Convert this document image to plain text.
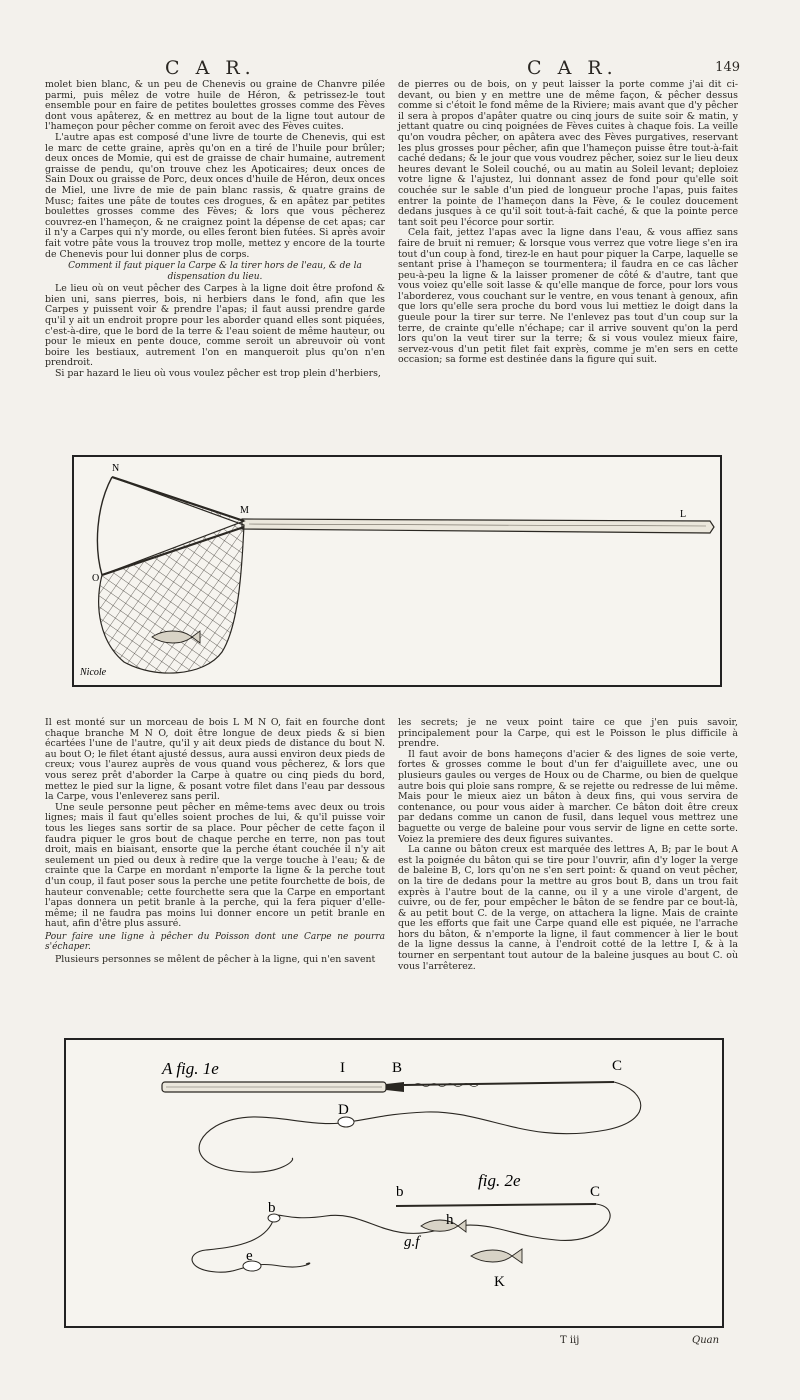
C A R.	C A R.	149

molet bien blanc, & un peu de Chenevis ou graine de Chanvre pilée parmi, puis mêlez de votre huile de Héron, & petrissez-le tout ensemble pour en faire de petites boulettes grosses comme des Fèves dont vous apâterez, & en mettrez au bout de la ligne tout autour de l'hameçon pour pêcher comme on feroit avec des Fèves cuites.

L'autre apas est composé d'une livre de tourte de Chenevis, qui est le marc de cette graine, après qu'on en a tiré de l'huile pour brûler; deux onces de Momie, qui est de graisse de chair humaine, autrement graisse de pendu, qu'on trouve chez les Apoticaires; deux onces de Sain Doux ou graisse de Porc, deux onces d'huile de Héron, deux onces de Miel, une livre de mie de pain blanc rassis, & quatre grains de Musc; faites une pâte de toutes ces drogues, & en apâtez par petites boulettes grosses comme des Fèves; & lors que vous pêcherez couvrez-en l'hameçon, & ne craignez point la dépense de cet apas; car il n'y a Carpes qui n'y morde, ou elles feront bien futées. Si après avoir fait votre pâte vous la trouvez trop molle, mettez y encore de la tourte de Chenevis pour lui donner plus de corps.

Comment il faut piquer la Carpe & la tirer hors de l'eau, & de la dispensation du lieu.

Le lieu où on veut pêcher des Carpes à la ligne doit être profond & bien uni, sans pierres, bois, ni herbiers dans le fond, afin que les Carpes y puissent voir & prendre l'apas; il faut aussi prendre garde qu'il y ait un endroit propre pour les aborder quand elles sont piquées, c'est-à-dire, que le bord de la terre & l'eau soient de même hauteur, ou pour le mieux en pente douce, comme seroit un abreuvoir où vont boire les bestiaux, autrement l'on en manqueroit plus qu'on n'en prendroit.

Si par hazard le lieu où vous voulez pêcher est trop plein d'herbiers,

de pierres ou de bois, on y peut laisser la porte comme j'ai dit ci-devant, ou bien y en mettre une de même façon, & pêcher dessus comme si c'étoit le fond même de la Riviere; mais avant que d'y pêcher il sera à propos d'apâter quatre ou cinq jours de suite soir & matin, y jettant quatre ou cinq poignées de Fèves cuites à chaque fois. La veille qu'on voudra pêcher, on apâtera avec des Fèves purgatives, reservant les plus grosses pour pêcher, afin que l'hameçon puisse être tout-à-fait caché dedans; & le jour que vous voudrez pêcher, soiez sur le lieu deux heures devant le Soleil couché, ou au matin au Soleil levant; deploiez votre ligne & l'ajustez, lui donnant assez de fond pour qu'elle soit couchée sur le sable d'un pied de longueur proche l'apas, puis faites entrer la pointe de l'hameçon dans la Fève, & le coulez doucement dedans jusques à ce qu'il soit tout-à-fait caché, & que la pointe perce tant soit peu l'écorce pour sortir.

Cela fait, jettez l'apas avec la ligne dans l'eau, & vous affiez sans faire de bruit ni remuer; & lorsque vous verrez que votre liege s'en ira tout d'un coup à fond, tirez-le en haut pour piquer la Carpe, laquelle se sentant prise à l'hameçon se tourmentera; il faudra en ce cas lâcher peu-à-peu la ligne & la laisser promener de côté & d'autre, tant que vous voiez qu'elle soit lasse & qu'elle manque de force, pour lors vous l'aborderez, vous couchant sur le ventre, en vous tenant à genoux, afin que lors qu'elle sera proche du bord vous lui mettiez le doigt dans la gueule pour la tirer sur terre. Ne l'enlevez pas tout d'un coup sur la terre, de crainte qu'elle n'échape; car il arrive souvent qu'on la perd lors qu'on la veut tirer sur la terre; & si vous voulez mieux faire, servez-vous d'un petit filet fait exprès, comme je m'en sers en cette occasion; sa forme est destinée dans la figure qui suit.

N
M	L
O
Nicole

Il est monté sur un morceau de bois L M N O, fait en fourche dont chaque branche M N O, doit être longue de deux pieds & si bien écartées l'une de l'autre, qu'il y ait deux pieds de distance du bout N. au bout O; le filet étant ajusté dessus, aura aussi environ deux pieds de creux; vous l'aurez auprès de vous quand vous pêcherez, & lors que vous serez prêt d'aborder la Carpe à quatre ou cinq pieds du bord, mettez le pied sur la ligne, & posant votre filet dans l'eau par dessous la Carpe, vous l'enleverez sans peril.

Une seule personne peut pêcher en même-tems avec deux ou trois lignes; mais il faut qu'elles soient proches de lui, & qu'il puisse voir tous les lieges sans sortir de sa place. Pour pêcher de cette façon il faudra piquer le gros bout de chaque perche en terre, non pas tout droit, mais en biaisant, ensorte que la perche étant couchée il n'y ait seulement un pied ou deux à redire que la verge touche à l'eau; & de crainte que la Carpe en mordant n'emporte la ligne & la perche tout d'un coup, il faut poser sous la perche une petite fourchette de bois, de hauteur convenable; cette fourchette sera que la Carpe en emportant l'apas donnera un petit branle à la perche, qui la fera piquer d'elle-même; il ne faudra pas moins lui donner encore un petit branle en haut, afin d'être plus assuré.

Pour faire une ligne à pêcher du Poisson dont une Carpe ne pourra s'échaper.

Plusieurs personnes se mêlent de pêcher à la ligne, qui n'en savent

les secrets; je ne veux point taire ce que j'en puis savoir, principalement pour la Carpe, qui est le Poisson le plus difficile à prendre.

Il faut avoir de bons hameçons d'acier & des lignes de soie verte, fortes & grosses comme le bout d'un fer d'aiguillete avec, une ou plusieurs gaules ou verges de Houx ou de Charme, ou bien de quelque autre bois qui ploie sans rompre, & se rejette ou redresse de lui même. Mais pour le mieux aiez un bâton à deux fins, qui vous servira de contenance, ou pour vous aider à marcher. Ce bâton doit être creux par dedans comme un canon de fusil, dans lequel vous mettrez une baguette ou verge de baleine pour vous servir de ligne en cette sorte. Voiez la premiere des deux figures suivantes.

La canne ou bâton creux est marquée des lettres A, B; par le bout A est la poignée du bâton qui se tire pour l'ouvrir, afin d'y loger la verge de baleine B, C, lors qu'on ne s'en sert point: & quand on veut pêcher, on la tire de dedans pour la mettre au gros bout B, dans un trou fait exprès à l'autre bout de la canne, ou il y a une virole d'argent, de cuivre, ou de fer, pour empêcher le bâton de se fendre par ce bout-là, & au petit bout C. de la verge, on attachera la ligne. Mais de crainte que les efforts que fait une Carpe quand elle est piquée, ne l'arrache hors du bâton, & n'emporte la ligne, il faut commencer à lier le bout de la ligne dessus la canne, à l'endroit cotté de la lettre I, & à la tourner en serpentant tout autour de la baleine jusques au bout C. où vous l'arrêterez.

A fig. 1e	I	B	C
D
b
e
h
g.f
K
b	C
fig. 2e
T iij	Quan
